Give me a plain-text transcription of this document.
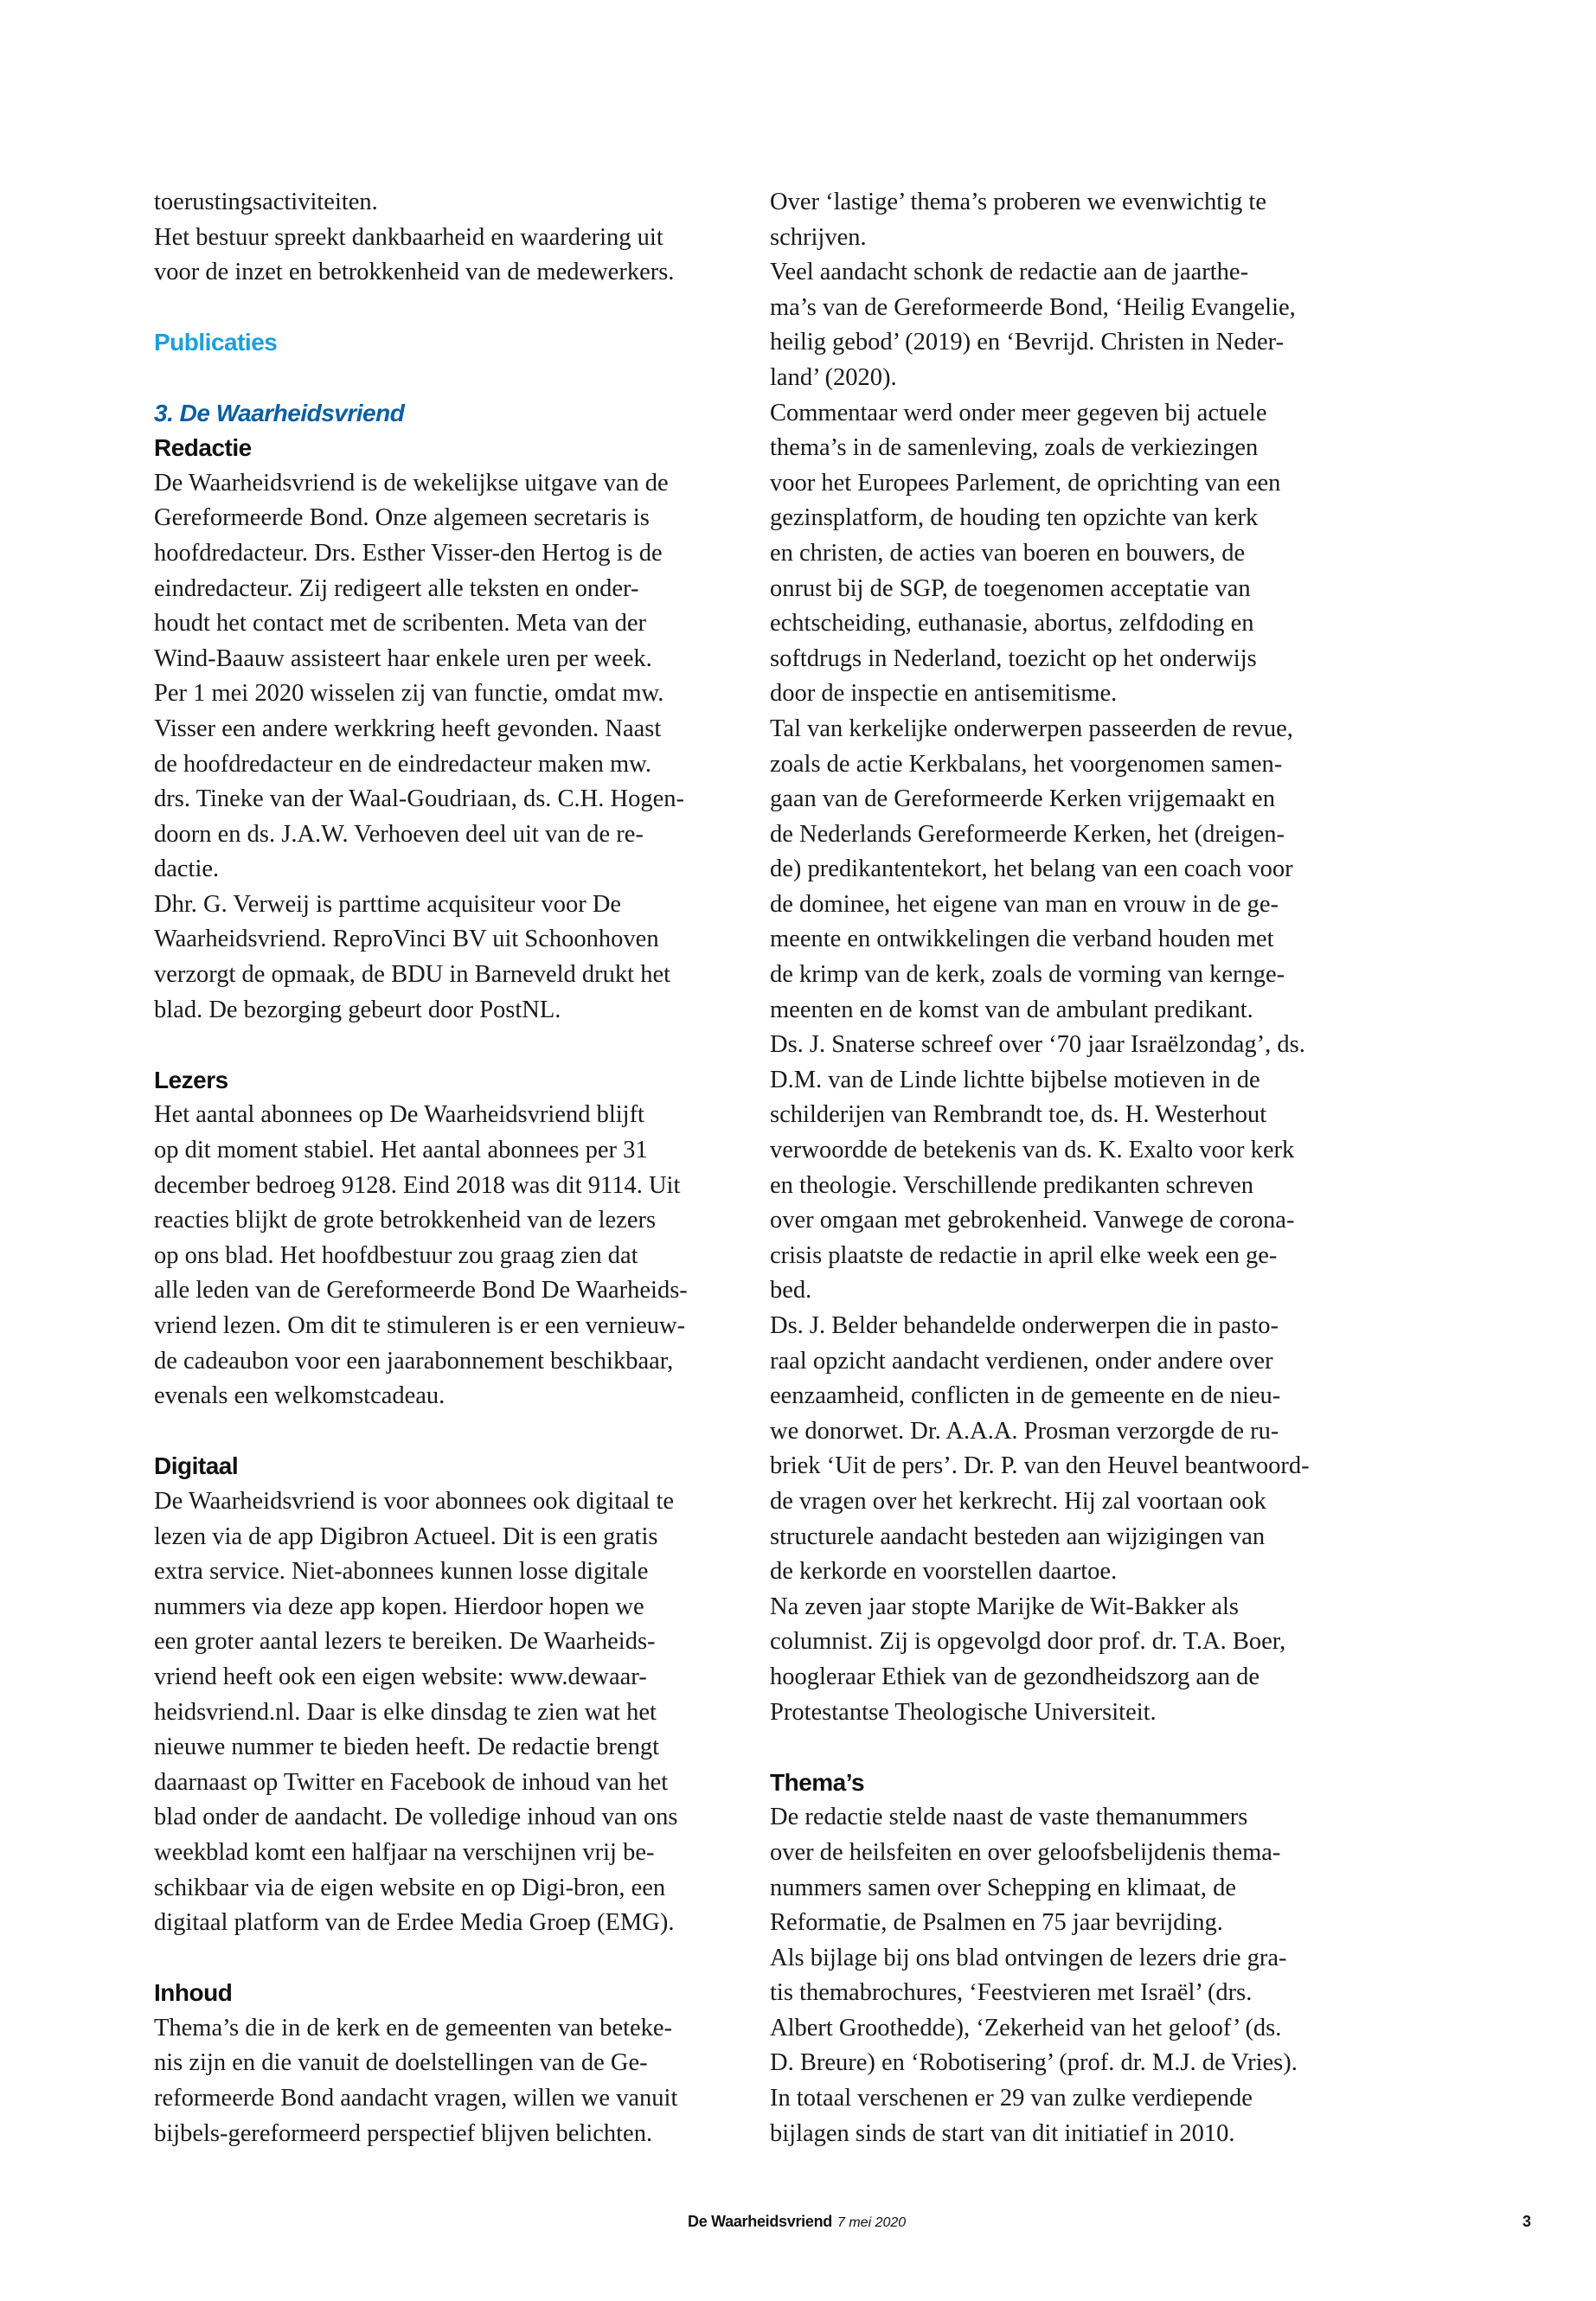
toerustingsactiviteiten.
Het bestuur spreekt dankbaarheid en waardering uit
voor de inzet en betrokkenheid van de medewerkers.

Publicaties

3. De Waarheidsvriend

Redactie

De Waarheidsvriend is de wekelijkse uitgave van de
Gereformeerde Bond. Onze algemeen secretaris is
hoofdredacteur. Drs. Esther Visser-den Hertog is de
eindredacteur. Zij redigeert alle teksten en onder-
houdt het contact met de scribenten. Meta van der
Wind-Baauw assisteert haar enkele uren per week.
Per 1 mei 2020 wisselen zij van functie, omdat mw.
Visser een andere werkkring heeft gevonden. Naast
de hoofdredacteur en de eindredacteur maken mw.
drs. Tineke van der Waal-Goudriaan, ds. C.H. Hogen-
doorn en ds. J.A.W. Verhoeven deel uit van de re-
dactie.

Dhr. G. Verweij is parttime acquisiteur voor De
Waarheidsvriend. ReproVinci BV uit Schoonhoven
verzorgt de opmaak, de BDU in Barneveld drukt het
blad. De bezorging gebeurt door PostNL.

Lezers

Het aantal abonnees op De Waarheidsvriend blijft
op dit moment stabiel. Het aantal abonnees per 31
december bedroeg 9128. Eind 2018 was dit 9114. Uit
reacties blijkt de grote betrokkenheid van de lezers
op ons blad. Het hoofdbestuur zou graag zien dat
alle leden van de Gereformeerde Bond De Waarheids-
vriend lezen. Om dit te stimuleren is er een vernieuw-
de cadeaubon voor een jaarabonnement beschikbaar,
evenals een welkomstcadeau.

Digitaal

De Waarheidsvriend is voor abonnees ook digitaal te
lezen via de app Digibron Actueel. Dit is een gratis
extra service. Niet-abonnees kunnen losse digitale
nummers via deze app kopen. Hierdoor hopen we
een groter aantal lezers te bereiken. De Waarheids-
vriend heeft ook een eigen website: www.dewaar-
heidsvriend.nl. Daar is elke dinsdag te zien wat het
nieuwe nummer te bieden heeft. De redactie brengt
daarnaast op Twitter en Facebook de inhoud van het
blad onder de aandacht. De volledige inhoud van ons
weekblad komt een halfjaar na verschijnen vrij be-
schikbaar via de eigen website en op Digi-bron, een
digitaal platform van de Erdee Media Groep (EMG).

Inhoud

Thema’s die in de kerk en de gemeenten van beteke-
nis zijn en die vanuit de doelstellingen van de Ge-
reformeerde Bond aandacht vragen, willen we vanuit
bijbels-gereformeerd perspectief blijven belichten.

Over ‘lastige’ thema’s proberen we evenwichtig te
schrijven.

Veel aandacht schonk de redactie aan de jaarthe-
ma’s van de Gereformeerde Bond, ‘Heilig Evangelie,
heilig gebod’ (2019) en ‘Bevrijd. Christen in Neder-
land’ (2020).

Commentaar werd onder meer gegeven bij actuele
thema’s in de samenleving, zoals de verkiezingen
voor het Europees Parlement, de oprichting van een
gezinsplatform, de houding ten opzichte van kerk
en christen, de acties van boeren en bouwers, de
onrust bij de SGP, de toegenomen acceptatie van
echtscheiding, euthanasie, abortus, zelfdoding en
softdrugs in Nederland, toezicht op het onderwijs
door de inspectie en antisemitisme.

Tal van kerkelijke onderwerpen passeerden de revue,
zoals de actie Kerkbalans, het voorgenomen samen-
gaan van de Gereformeerde Kerken vrijgemaakt en
de Nederlands Gereformeerde Kerken, het (dreigen-
de) predikantentekort, het belang van een coach voor
de dominee, het eigene van man en vrouw in de ge-
meente en ontwikkelingen die verband houden met
de krimp van de kerk, zoals de vorming van kernge-
meenten en de komst van de ambulant predikant.

Ds. J. Snaterse schreef over ‘70 jaar Israëlzondag’, ds.
D.M. van de Linde lichtte bijbelse motieven in de
schilderijen van Rembrandt toe, ds. H. Westerhout
verwoordde de betekenis van ds. K. Exalto voor kerk
en theologie. Verschillende predikanten schreven
over omgaan met gebrokenheid. Vanwege de corona-
crisis plaatste de redactie in april elke week een ge-
bed.

Ds. J. Belder behandelde onderwerpen die in pasto-
raal opzicht aandacht verdienen, onder andere over
eenzaamheid, conflicten in de gemeente en de nieu-
we donorwet. Dr. A.A.A. Prosman verzorgde de ru-
briek ‘Uit de pers’. Dr. P. van den Heuvel beantwoord-
de vragen over het kerkrecht. Hij zal voortaan ook
structurele aandacht besteden aan wijzigingen van
de kerkorde en voorstellen daartoe.

Na zeven jaar stopte Marijke de Wit-Bakker als
columnist. Zij is opgevolgd door prof. dr. T.A. Boer,
hoogleraar Ethiek van de gezondheidszorg aan de
Protestantse Theologische Universiteit.

Thema’s

De redactie stelde naast de vaste themanummers
over de heilsfeiten en over geloofsbelijdenis thema-
nummers samen over Schepping en klimaat, de
Reformatie, de Psalmen en 75 jaar bevrijding.

Als bijlage bij ons blad ontvingen de lezers drie gra-
tis themabrochures, ‘Feestvieren met Israël’ (drs.
Albert Groothedde), ‘Zekerheid van het geloof’ (ds.
D. Breure) en ‘Robotisering’ (prof. dr. M.J. de Vries).
In totaal verschenen er 29 van zulke verdiepende
bijlagen sinds de start van dit initiatief in 2010.

De Waarheidsvriend 7 mei 2020	3
